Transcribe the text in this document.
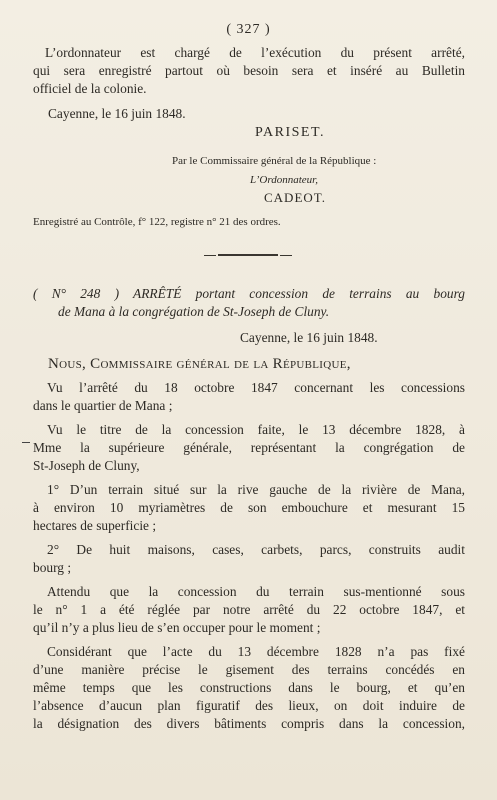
( 327 )
L’ordonnateur est chargé de l’exécution du présent arrêté,
qui sera enregistré partout où besoin sera et inséré au Bulletin
officiel de la colonie.
Cayenne, le 16 juin 1848.
PARISET.
Par le Commissaire général de la République :
L’Ordonnateur,
CADEOT.
Enregistré au Contrôle, f° 122, registre n° 21 des ordres.
( N° 248 ) ARRÊTÉ portant concession de terrains au bourg
de Mana à la congrégation de St-Joseph de Cluny.
Cayenne, le 16 juin 1848.
Nous, Commissaire général de la République,
Vu l’arrêté du 18 octobre 1847 concernant les concessions
dans le quartier de Mana ;
Vu le titre de la concession faite, le 13 décembre 1828, à
Mme la supérieure générale, représentant la congrégation de
St-Joseph de Cluny,
1° D’un terrain situé sur la rive gauche de la rivière de Mana,
à environ 10 myriamètres de son embouchure et mesurant 15
hectares de superficie ;
2° De huit maisons, cases, carbets, parcs, construits audit
bourg ;
Attendu que la concession du terrain sus-mentionné sous
le n° 1 a été réglée par notre arrêté du 22 octobre 1847, et
qu’il n’y a plus lieu de s’en occuper pour le moment ;
Considérant que l’acte du 13 décembre 1828 n’a pas fixé
d’une manière précise le gisement des terrains concédés en
même temps que les constructions dans le bourg, et qu’en
l’absence d’aucun plan figuratif des lieux, on doit induire de
la désignation des divers bâtiments compris dans la concession,
